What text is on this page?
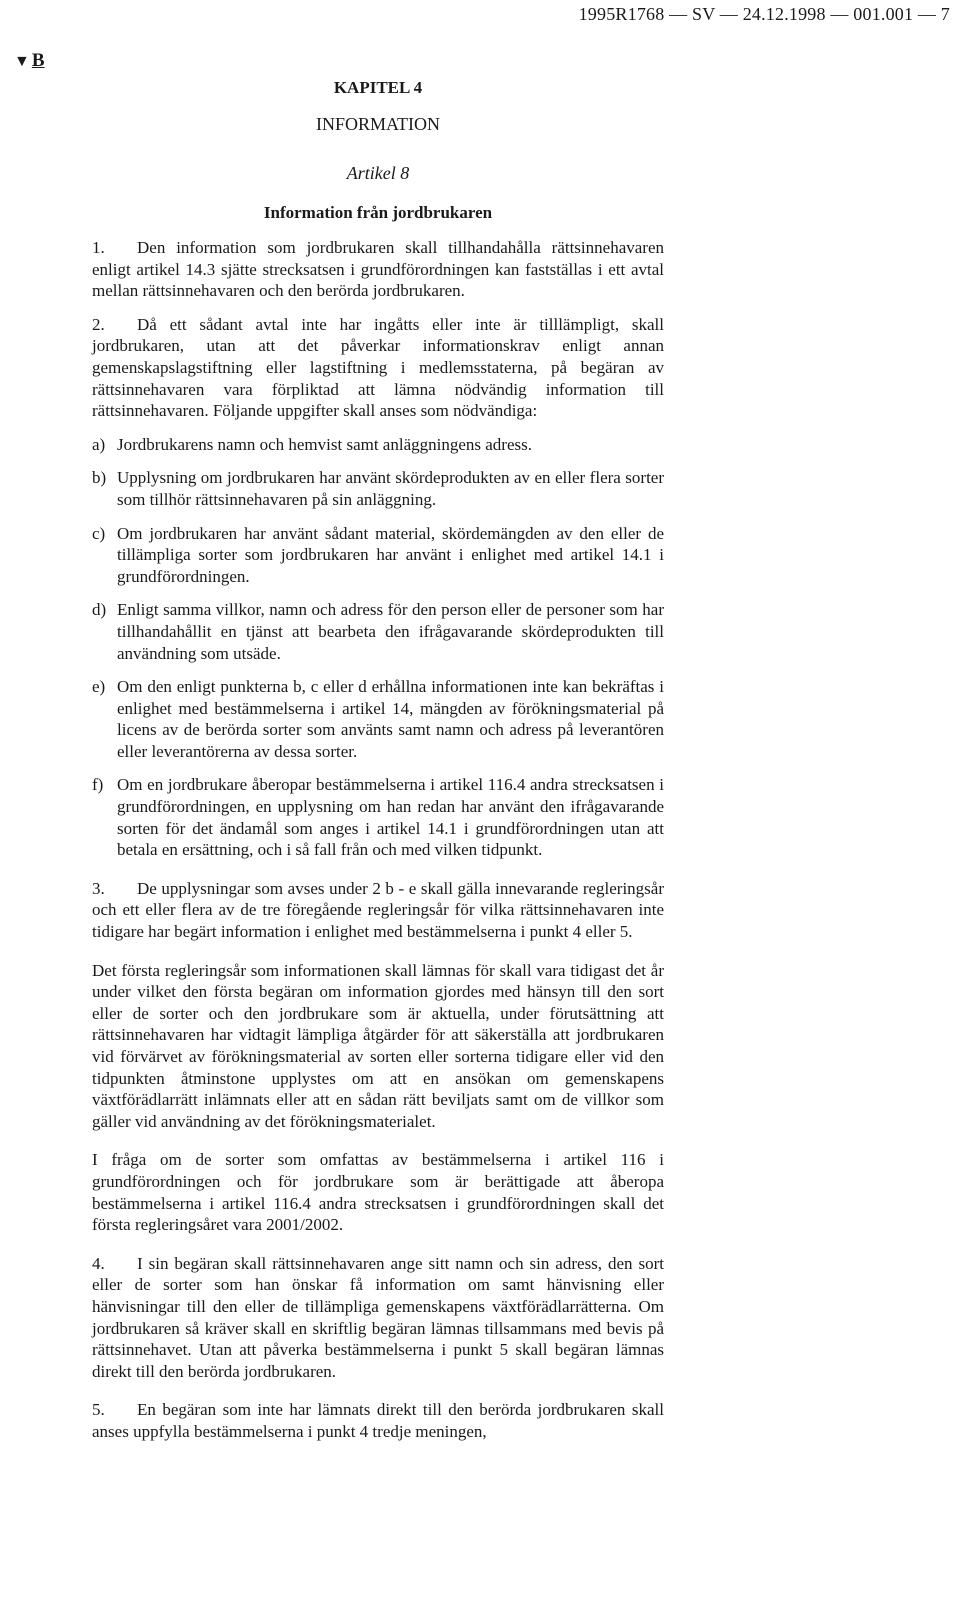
1995R1768 — SV — 24.12.1998 — 001.001 — 7
▼ B
KAPITEL 4
INFORMATION
Artikel 8
Information från jordbrukaren

1. Den information som jordbrukaren skall tillhandahålla rättsinnehavaren enligt artikel 14.3 sjätte strecksatsen i grundförordningen kan fastställas i ett avtal mellan rättsinnehavaren och den berörda jordbrukaren.

2. Då ett sådant avtal inte har ingåtts eller inte är tilllämpligt, skall jordbrukaren, utan att det påverkar informationskrav enligt annan gemenskapslagstiftning eller lagstiftning i medlemsstaterna, på begäran av rättsinnehavaren vara förpliktad att lämna nödvändig information till rättsinnehavaren. Följande uppgifter skall anses som nödvändiga:

a) Jordbrukarens namn och hemvist samt anläggningens adress.
b) Upplysning om jordbrukaren har använt skördeprodukten av en eller flera sorter som tillhör rättsinnehavaren på sin anläggning.
c) Om jordbrukaren har använt sådant material, skördemängden av den eller de tillämpliga sorter som jordbrukaren har använt i enlighet med artikel 14.1 i grundförordningen.
d) Enligt samma villkor, namn och adress för den person eller de personer som har tillhandahållit en tjänst att bearbeta den ifrågavarande skördeprodukten till användning som utsäde.
e) Om den enligt punkterna b, c eller d erhållna informationen inte kan bekräftas i enlighet med bestämmelserna i artikel 14, mängden av förökningsmaterial på licens av de berörda sorter som använts samt namn och adress på leverantören eller leverantörerna av dessa sorter.
f) Om en jordbrukare åberopar bestämmelserna i artikel 116.4 andra strecksatsen i grundförordningen, en upplysning om han redan har använt den ifrågavarande sorten för det ändamål som anges i artikel 14.1 i grundförordningen utan att betala en ersättning, och i så fall från och med vilken tidpunkt.

3. De upplysningar som avses under 2 b - e skall gälla innevarande regleringsår och ett eller flera av de tre föregående regleringsår för vilka rättsinnehavaren inte tidigare har begärt information i enlighet med bestämmelserna i punkt 4 eller 5.

Det första regleringsår som informationen skall lämnas för skall vara tidigast det år under vilket den första begäran om information gjordes med hänsyn till den sort eller de sorter och den jordbrukare som är aktuella, under förutsättning att rättsinnehavaren har vidtagit lämpliga åtgärder för att säkerställa att jordbrukaren vid förvärvet av förökningsmaterial av sorten eller sorterna tidigare eller vid den tidpunkten åtminstone upplystes om att en ansökan om gemenskapens växtförädlarrätt inlämnats eller att en sådan rätt beviljats samt om de villkor som gäller vid användning av det förökningsmaterialet.

I fråga om de sorter som omfattas av bestämmelserna i artikel 116 i grundförordningen och för jordbrukare som är berättigade att åberopa bestämmelserna i artikel 116.4 andra strecksatsen i grundförordningen skall det första regleringsåret vara 2001/2002.

4. I sin begäran skall rättsinnehavaren ange sitt namn och sin adress, den sort eller de sorter som han önskar få information om samt hänvisning eller hänvisningar till den eller de tillämpliga gemenskapens växtförädlarrätterna. Om jordbrukaren så kräver skall en skriftlig begäran lämnas tillsammans med bevis på rättsinnehavet. Utan att påverka bestämmelserna i punkt 5 skall begäran lämnas direkt till den berörda jordbrukaren.

5. En begäran som inte har lämnats direkt till den berörda jordbrukaren skall anses uppfylla bestämmelserna i punkt 4 tredje meningen,
